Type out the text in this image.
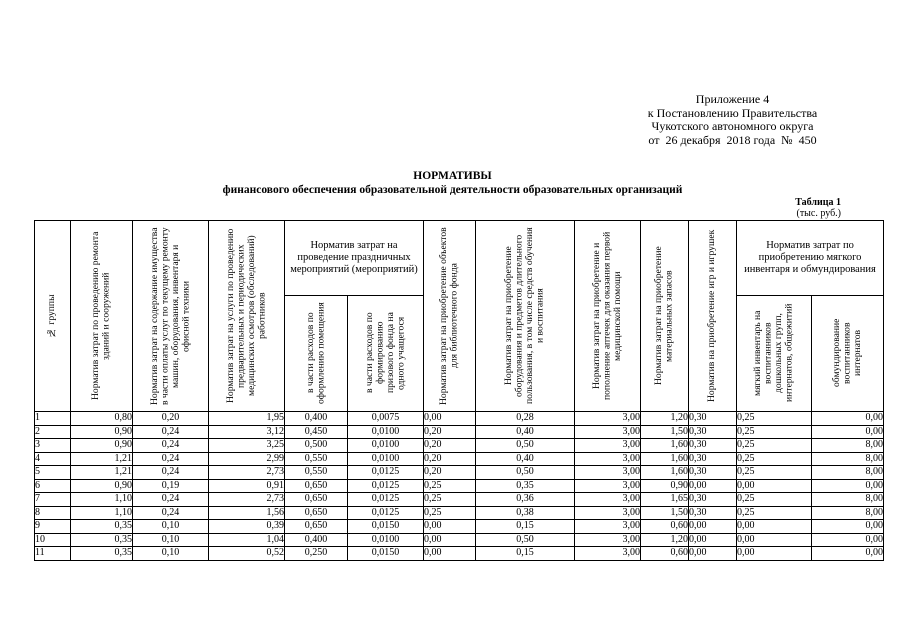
Приложение 4
к Постановлению Правительства
Чукотского автономного округа
от  26 декабря  2018 года  №  450
НОРМАТИВЫ
финансового обеспечения образовательной деятельности образовательных организаций
Таблица 1
(тыс. руб.)
№ группы	Норматив затрат по проведению ремонта зданий и сооружений	Норматив затрат на содержание имущества в части оплаты услуг по текущему ремонту машин, оборудования, инвентаря и офисной техники	Норматив затрат на услуги по проведению предварительных и периодических медицинских осмотров (обследований) работников	Норматив затрат на проведение праздничных мероприятий (мероприятий)		Норматив затрат на приобретение объектов для библиотечного фонда	Норматив затрат на приобретение оборудования и предметов длительного пользования, в том числе средств обучения и воспитания	Норматив затрат на приобретение и пополнение аптечек для оказания первой медицинской помощи	Норматив затрат на приобретение материальных запасов	Норматив на приобретение игр и игрушек	Норматив затрат по приобретению мягкого инвентаря и обмундирования	

				в части расходов по оформлению помещения	в части расходов по формированию призового фонда на одного учащегося						мягкий инвентарь на воспитанников дошкольных групп, интернатов, общежитий	обмундирование воспитанников интернатов

1	0,80	0,20	1,95	0,400	0,0075	0,00	0,28	3,00	1,20	0,30	0,25	0,00
2	0,90	0,24	3,12	0,450	0,0100	0,20	0,40	3,00	1,50	0,30	0,25	0,00
3	0,90	0,24	3,25	0,500	0,0100	0,20	0,50	3,00	1,60	0,30	0,25	8,00
4	1,21	0,24	2,99	0,550	0,0100	0,20	0,40	3,00	1,60	0,30	0,25	8,00
5	1,21	0,24	2,73	0,550	0,0125	0,20	0,50	3,00	1,60	0,30	0,25	8,00
6	0,90	0,19	0,91	0,650	0,0125	0,25	0,35	3,00	0,90	0,00	0,00	0,00
7	1,10	0,24	2,73	0,650	0,0125	0,25	0,36	3,00	1,65	0,30	0,25	8,00
8	1,10	0,24	1,56	0,650	0,0125	0,25	0,38	3,00	1,50	0,30	0,25	8,00
9	0,35	0,10	0,39	0,650	0,0150	0,00	0,15	3,00	0,60	0,00	0,00	0,00
10	0,35	0,10	1,04	0,400	0,0100	0,00	0,50	3,00	1,20	0,00	0,00	0,00
11	0,35	0,10	0,52	0,250	0,0150	0,00	0,15	3,00	0,60	0,00	0,00	0,00
